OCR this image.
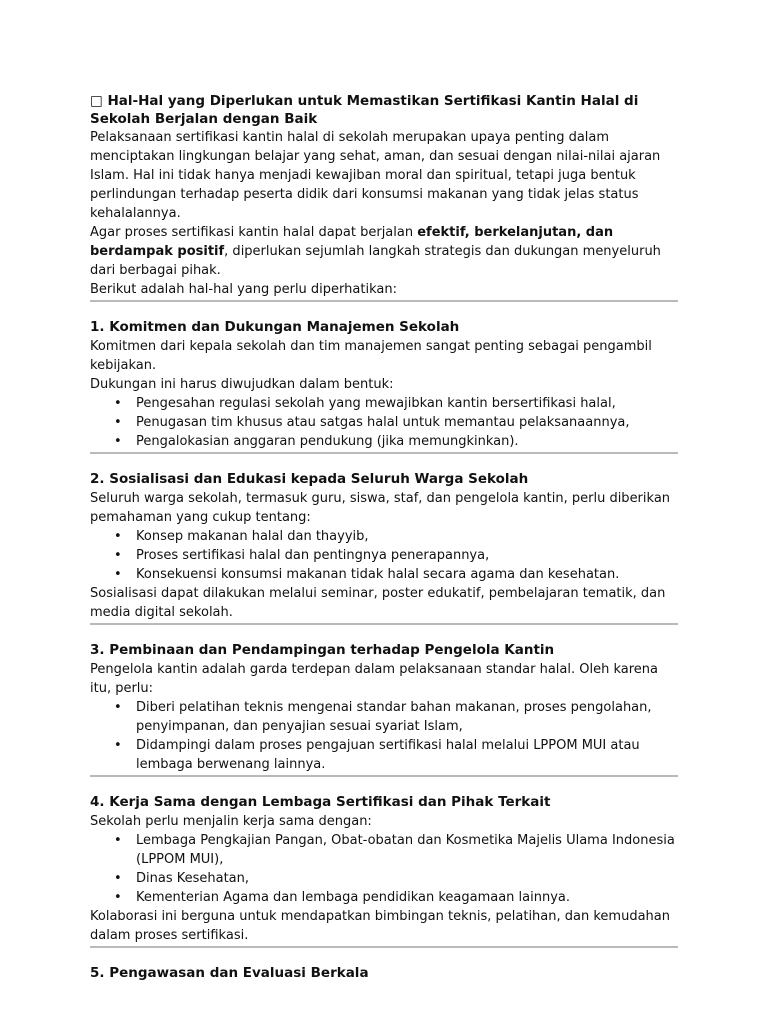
□ Hal-Hal yang Diperlukan untuk Memastikan Sertifikasi Kantin Halal di Sekolah Berjalan dengan Baik

Pelaksanaan sertifikasi kantin halal di sekolah merupakan upaya penting dalam menciptakan lingkungan belajar yang sehat, aman, dan sesuai dengan nilai-nilai ajaran Islam. Hal ini tidak hanya menjadi kewajiban moral dan spiritual, tetapi juga bentuk perlindungan terhadap peserta didik dari konsumsi makanan yang tidak jelas status kehalalannya.

Agar proses sertifikasi kantin halal dapat berjalan efektif, berkelanjutan, dan berdampak positif, diperlukan sejumlah langkah strategis dan dukungan menyeluruh dari berbagai pihak.

Berikut adalah hal-hal yang perlu diperhatikan:

1. Komitmen dan Dukungan Manajemen Sekolah

Komitmen dari kepala sekolah dan tim manajemen sangat penting sebagai pengambil kebijakan.

Dukungan ini harus diwujudkan dalam bentuk:

• Pengesahan regulasi sekolah yang mewajibkan kantin bersertifikasi halal,
• Penugasan tim khusus atau satgas halal untuk memantau pelaksanaannya,
• Pengalokasian anggaran pendukung (jika memungkinkan).
2. Sosialisasi dan Edukasi kepada Seluruh Warga Sekolah

Seluruh warga sekolah, termasuk guru, siswa, staf, dan pengelola kantin, perlu diberikan pemahaman yang cukup tentang:

• Konsep makanan halal dan thayyib,
• Proses sertifikasi halal dan pentingnya penerapannya,
• Konsekuensi konsumsi makanan tidak halal secara agama dan kesehatan.

Sosialisasi dapat dilakukan melalui seminar, poster edukatif, pembelajaran tematik, dan media digital sekolah.

3. Pembinaan dan Pendampingan terhadap Pengelola Kantin

Pengelola kantin adalah garda terdepan dalam pelaksanaan standar halal. Oleh karena itu, perlu:

• Diberi pelatihan teknis mengenai standar bahan makanan, proses pengolahan, penyimpanan, dan penyajian sesuai syariat Islam,
• Didampingi dalam proses pengajuan sertifikasi halal melalui LPPOM MUI atau lembaga berwenang lainnya.
4. Kerja Sama dengan Lembaga Sertifikasi dan Pihak Terkait

Sekolah perlu menjalin kerja sama dengan:

• Lembaga Pengkajian Pangan, Obat-obatan dan Kosmetika Majelis Ulama Indonesia (LPPOM MUI),
• Dinas Kesehatan,
• Kementerian Agama dan lembaga pendidikan keagamaan lainnya.

Kolaborasi ini berguna untuk mendapatkan bimbingan teknis, pelatihan, dan kemudahan dalam proses sertifikasi.

5. Pengawasan dan Evaluasi Berkala
